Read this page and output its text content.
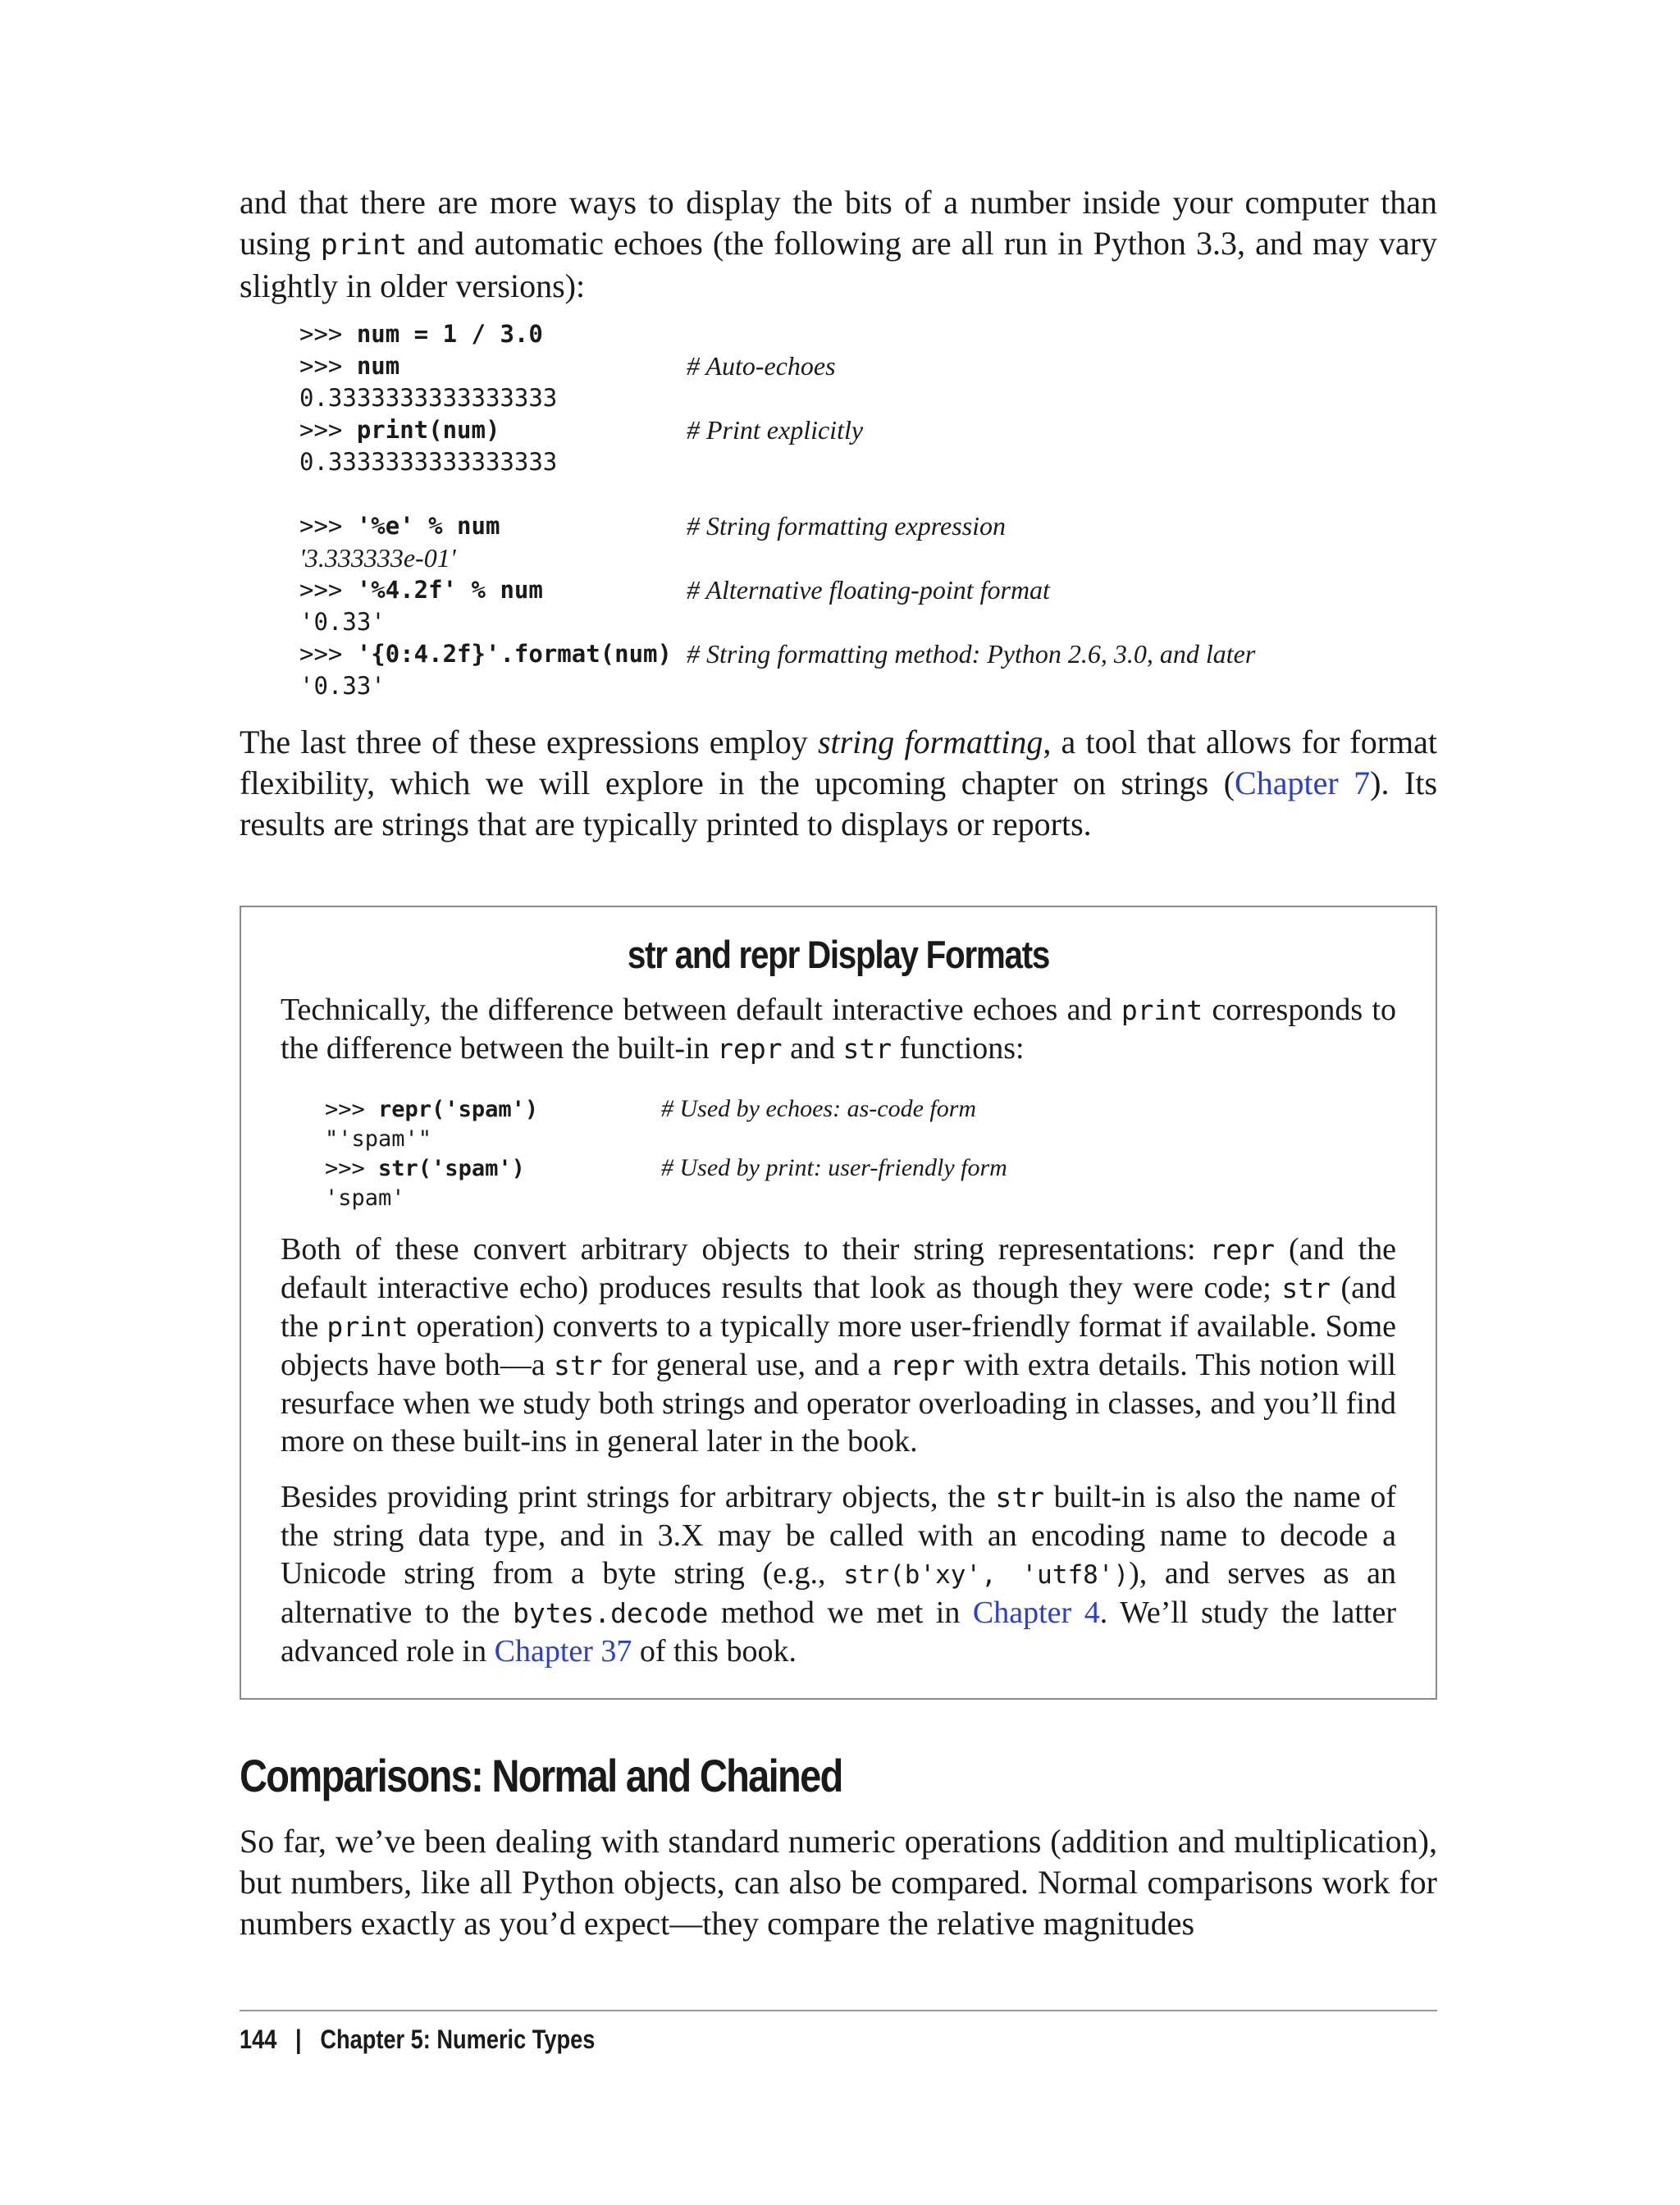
and that there are more ways to display the bits of a number inside your computer than using print and automatic echoes (the following are all run in Python 3.3, and may vary slightly in older versions):

>>> num = 1 / 3.0
>>> num	# Auto-echoes
0.3333333333333333
>>> print(num)	# Print explicitly
0.3333333333333333
>>> '%e' % num	# String formatting expression
'3.333333e-01'
>>> '%4.2f' % num	# Alternative floating-point format
'0.33'
>>> '{0:4.2f}'.format(num) # String formatting method: Python 2.6, 3.0, and later
'0.33'

The last three of these expressions employ string formatting, a tool that allows for format flexibility, which we will explore in the upcoming chapter on strings (Chapter 7). Its results are strings that are typically printed to displays or reports.

str and repr Display Formats

Technically, the difference between default interactive echoes and print corresponds to the difference between the built-in repr and str functions:

>>> repr('spam')	# Used by echoes: as-code form
"'spam'"
>>> str('spam')	# Used by print: user-friendly form
'spam'

Both of these convert arbitrary objects to their string representations: repr (and the default interactive echo) produces results that look as though they were code; str (and the print operation) converts to a typically more user-friendly format if available. Some objects have both—a str for general use, and a repr with extra details. This notion will resurface when we study both strings and operator overloading in classes, and you’ll find more on these built-ins in general later in the book.

Besides providing print strings for arbitrary objects, the str built-in is also the name of the string data type, and in 3.X may be called with an encoding name to decode a Unicode string from a byte string (e.g., str(b'xy', 'utf8')), and serves as an alternative to the bytes.decode method we met in Chapter 4. We’ll study the latter advanced role in Chapter 37 of this book.

Comparisons: Normal and Chained

So far, we’ve been dealing with standard numeric operations (addition and multiplication), but numbers, like all Python objects, can also be compared. Normal comparisons work for numbers exactly as you’d expect—they compare the relative magnitudes

144 | Chapter 5: Numeric Types
